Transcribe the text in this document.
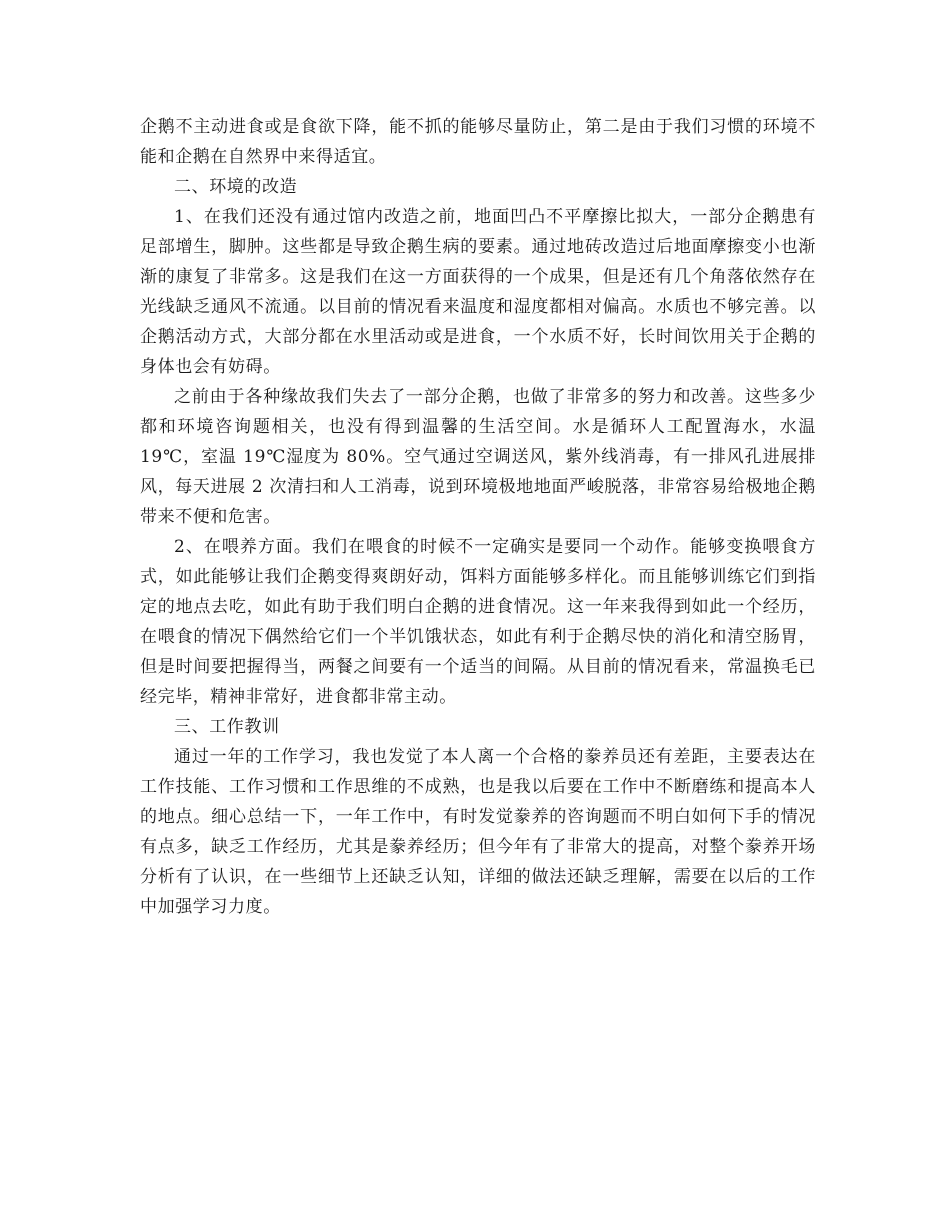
企鹅不主动进食或是食欲下降，能不抓的能够尽量防止，第二是由于我们习惯的环境不能和企鹅在自然界中来得适宜。

二、环境的改造

1、在我们还没有通过馆内改造之前，地面凹凸不平摩擦比拟大，一部分企鹅患有足部增生，脚肿。这些都是导致企鹅生病的要素。通过地砖改造过后地面摩擦变小也渐渐的康复了非常多。这是我们在这一方面获得的一个成果，但是还有几个角落依然存在光线缺乏通风不流通。以目前的情况看来温度和湿度都相对偏高。水质也不够完善。以企鹅活动方式，大部分都在水里活动或是进食，一个水质不好，长时间饮用关于企鹅的身体也会有妨碍。

之前由于各种缘故我们失去了一部分企鹅，也做了非常多的努力和改善。这些多少都和环境咨询题相关，也没有得到温馨的生活空间。水是循环人工配置海水，水温 19℃，室温 19℃湿度为 80%。空气通过空调送风，紫外线消毒，有一排风孔进展排风，每天进展 2 次清扫和人工消毒，说到环境极地地面严峻脱落，非常容易给极地企鹅带来不便和危害。

2、在喂养方面。我们在喂食的时候不一定确实是要同一个动作。能够变换喂食方式，如此能够让我们企鹅变得爽朗好动，饵料方面能够多样化。而且能够训练它们到指定的地点去吃，如此有助于我们明白企鹅的进食情况。这一年来我得到如此一个经历，在喂食的情况下偶然给它们一个半饥饿状态，如此有利于企鹅尽快的消化和清空肠胃，但是时间要把握得当，两餐之间要有一个适当的间隔。从目前的情况看来，常温换毛已经完毕，精神非常好，进食都非常主动。

三、工作教训

通过一年的工作学习，我也发觉了本人离一个合格的豢养员还有差距，主要表达在工作技能、工作习惯和工作思维的不成熟，也是我以后要在工作中不断磨练和提高本人的地点。细心总结一下，一年工作中，有时发觉豢养的咨询题而不明白如何下手的情况有点多，缺乏工作经历，尤其是豢养经历；但今年有了非常大的提高，对整个豢养开场分析有了认识，在一些细节上还缺乏认知，详细的做法还缺乏理解，需要在以后的工作中加强学习力度。
